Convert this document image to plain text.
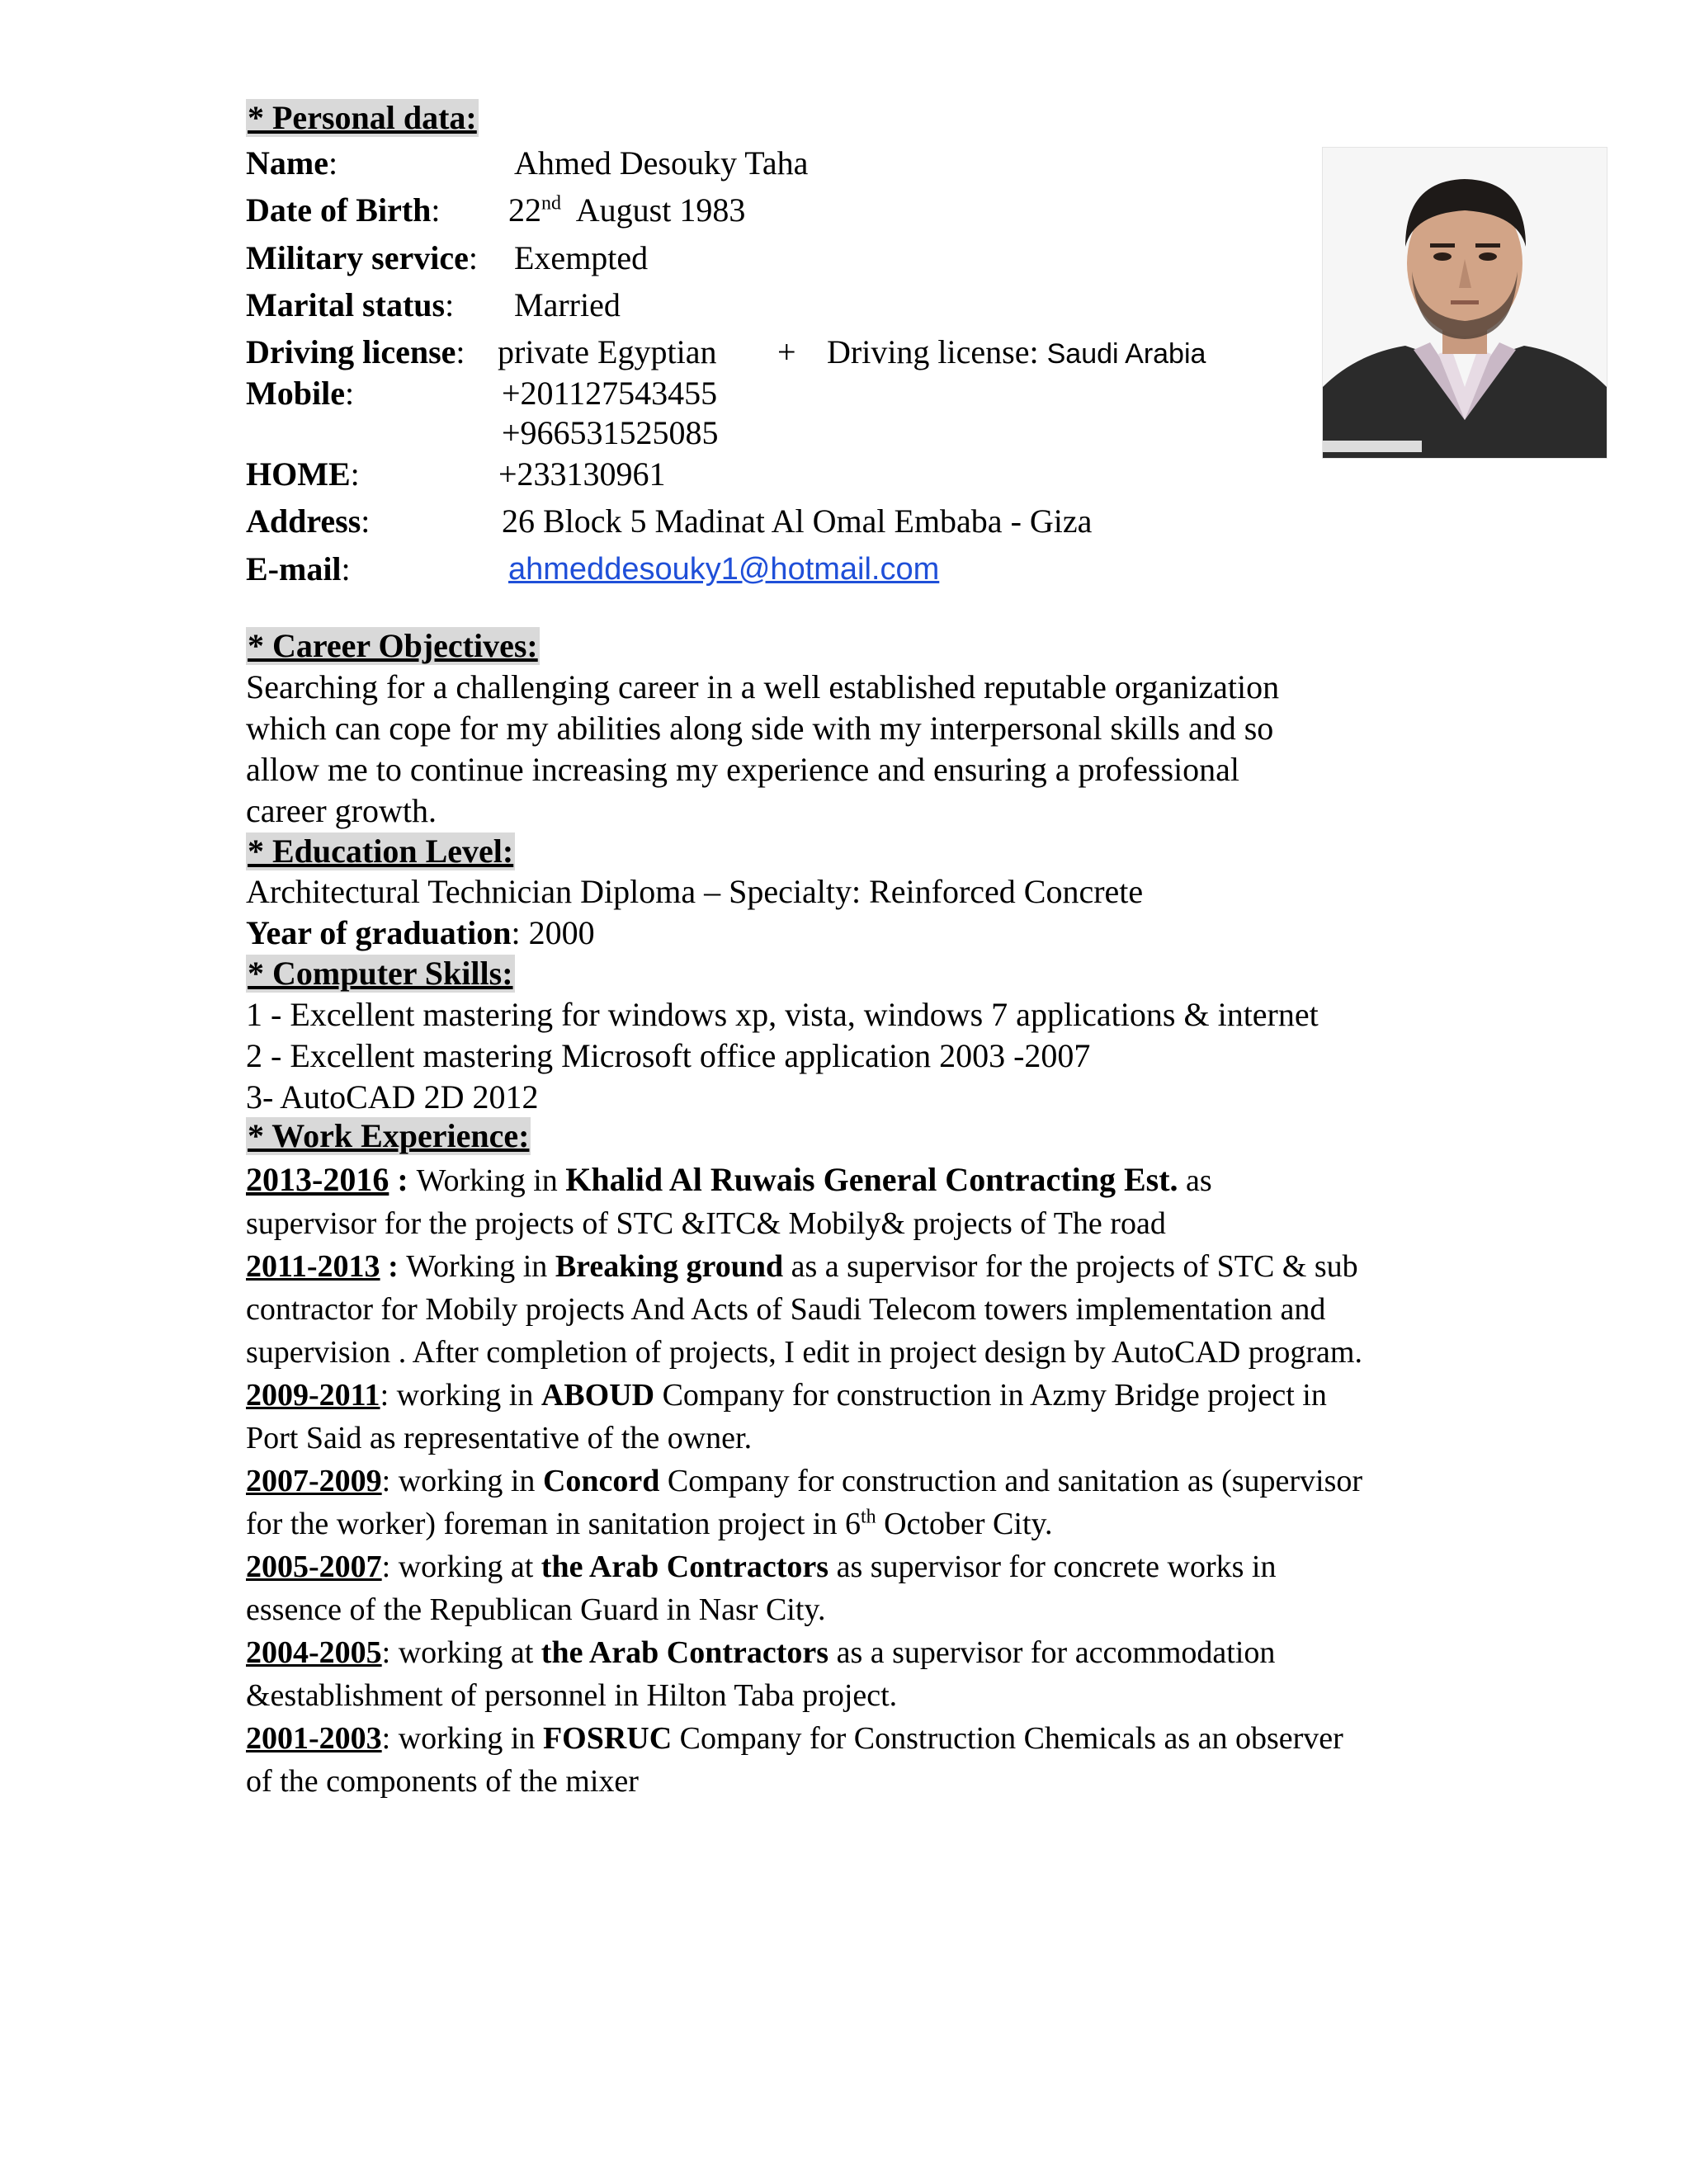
* Personal data:
Name:	Ahmed Desouky Taha
Date of Birth: 22nd August 1983
Military service: Exempted
Marital status: Married
Driving license: private Egyptian + Driving license: Saudi Arabia
Mobile:	+201127543455
+966531525085
HOME:	+233130961
Address:	26 Block 5 Madinat Al Omal Embaba - Giza
E-mail:	ahmeddesouky1@hotmail.com
* Career Objectives:
Searching for a challenging career in a well established reputable organization
which can cope for my abilities along side with my interpersonal skills and so
allow me to continue increasing my experience and ensuring a professional
career growth.
* Education Level:
Architectural Technician Diploma – Specialty: Reinforced Concrete
Year of graduation: 2000
* Computer Skills:
1 - Excellent mastering for windows xp, vista, windows 7 applications & internet
2 - Excellent mastering Microsoft office application 2003 -2007
3- AutoCAD 2D 2012
* Work Experience:
2013-2016 : Working in Khalid Al Ruwais General Contracting Est. as
supervisor for the projects of STC &ITC& Mobily& projects of The road
2011-2013 : Working in Breaking ground as a supervisor for the projects of STC & sub
contractor for Mobily projects And Acts of Saudi Telecom towers implementation and
supervision . After completion of projects, I edit in project design by AutoCAD program.
2009-2011: working in ABOUD Company for construction in Azmy Bridge project in
Port Said as representative of the owner.
2007-2009: working in Concord Company for construction and sanitation as (supervisor
for the worker) foreman in sanitation project in 6th October City.
2005-2007: working at the Arab Contractors as supervisor for concrete works in
essence of the Republican Guard in Nasr City.
2004-2005: working at the Arab Contractors as a supervisor for accommodation
&establishment of personnel in Hilton Taba project.
2001-2003: working in FOSRUC Company for Construction Chemicals as an observer
of the components of the mixer
